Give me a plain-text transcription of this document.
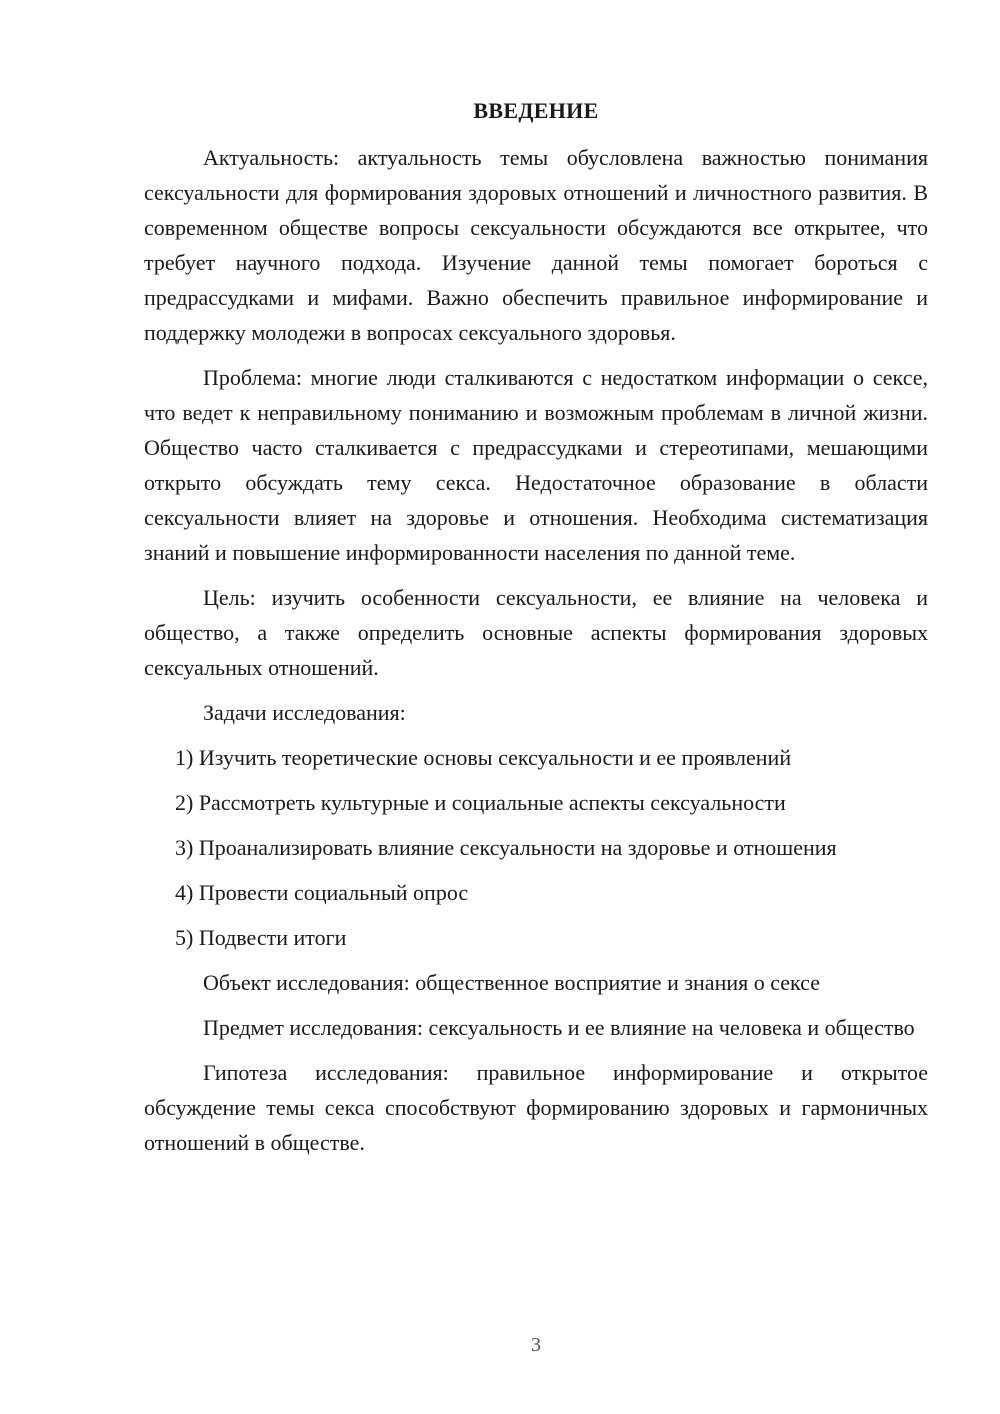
ВВЕДЕНИЕ

Актуальность: актуальность темы обусловлена важностью понимания сексуальности для формирования здоровых отношений и личностного развития. В современном обществе вопросы сексуальности обсуждаются все открытее, что требует научного подхода. Изучение данной темы помогает бороться с предрассудками и мифами. Важно обеспечить правильное информирование и поддержку молодежи в вопросах сексуального здоровья.

Проблема: многие люди сталкиваются с недостатком информации о сексе, что ведет к неправильному пониманию и возможным проблемам в личной жизни. Общество часто сталкивается с предрассудками и стереотипами, мешающими открыто обсуждать тему секса. Недостаточное образование в области сексуальности влияет на здоровье и отношения. Необходима систематизация знаний и повышение информированности населения по данной теме.

Цель: изучить особенности сексуальности, ее влияние на человека и общество, а также определить основные аспекты формирования здоровых сексуальных отношений.

Задачи исследования:

1) Изучить теоретические основы сексуальности и ее проявлений
2) Рассмотреть культурные и социальные аспекты сексуальности
3) Проанализировать влияние сексуальности на здоровье и отношения
4) Провести социальный опрос
5) Подвести итоги

Объект исследования: общественное восприятие и знания о сексе

Предмет исследования: сексуальность и ее влияние на человека и общество

Гипотеза исследования: правильное информирование и открытое обсуждение темы секса способствуют формированию здоровых и гармоничных отношений в обществе.

3
